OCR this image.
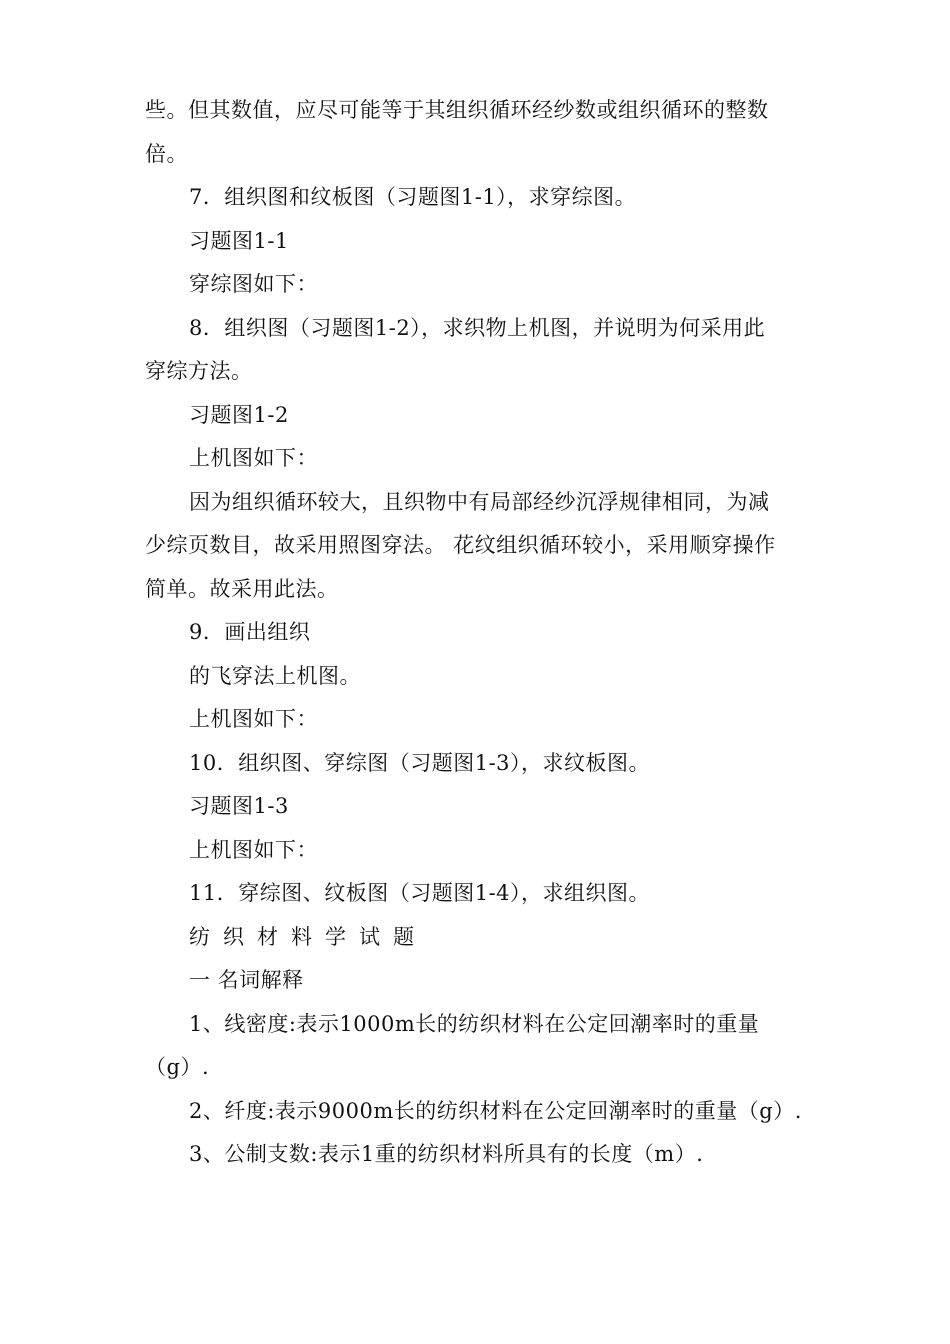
些。但其数值，应尽可能等于其组织循环经纱数或组织循环的整数
倍。
7．组织图和纹板图（习题图1-1），求穿综图。
习题图1-1
穿综图如下：
8．组织图（习题图1-2），求织物上机图，并说明为何采用此
穿综方法。
习题图1-2
上机图如下：
因为组织循环较大，且织物中有局部经纱沉浮规律相同，为减
少综页数目，故采用照图穿法。 花纹组织循环较小，采用顺穿操作
简单。故采用此法。
9．画出组织
的飞穿法上机图。
上机图如下：
10．组织图、穿综图（习题图1-3），求纹板图。
习题图1-3
上机图如下：
11．穿综图、纹板图（习题图1-4），求组织图。
纺织材料学试题
一 名词解释
1、线密度:表示1000m长的纺织材料在公定回潮率时的重量
（g）.
2、纤度:表示9000m长的纺织材料在公定回潮率时的重量（g）.
3、公制支数:表示1重的纺织材料所具有的长度（m）.
